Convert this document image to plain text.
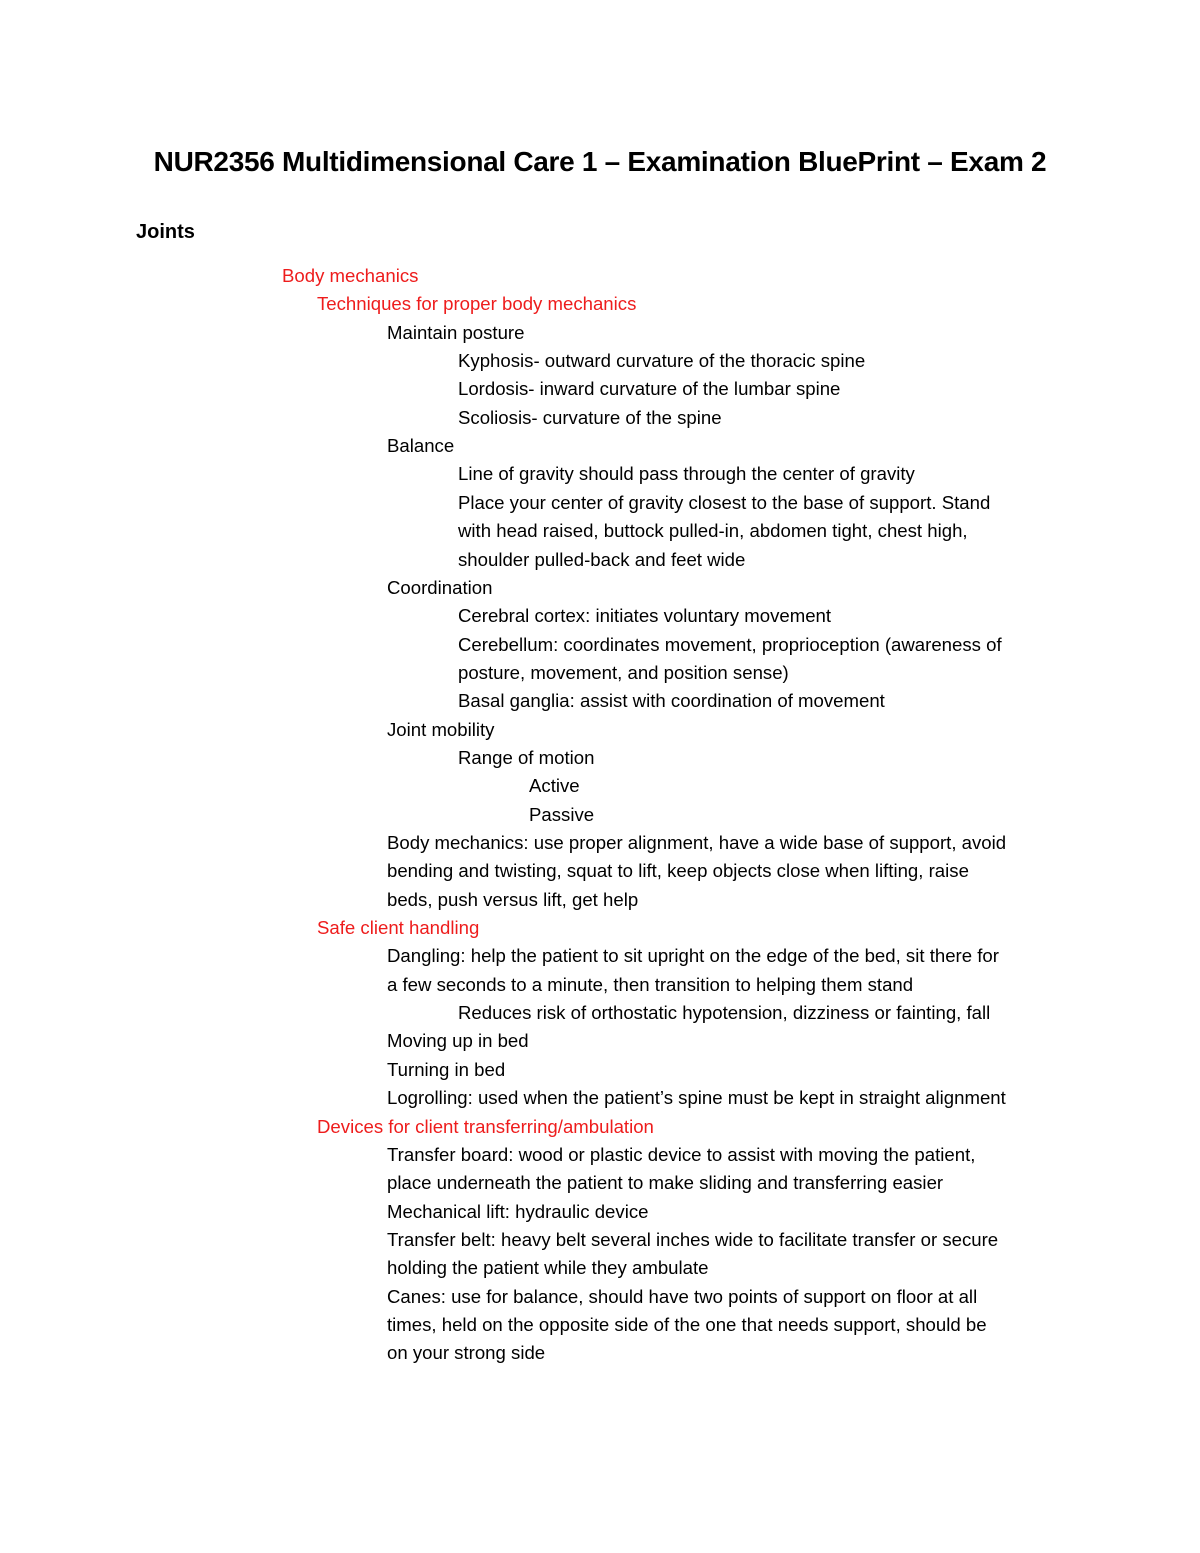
NUR2356 Multidimensional Care 1 – Examination BluePrint – Exam 2
Joints
Body mechanics
Techniques for proper body mechanics
Maintain posture
Kyphosis- outward curvature of the thoracic spine
Lordosis- inward curvature of the lumbar spine
Scoliosis- curvature of the spine
Balance
Line of gravity should pass through the center of gravity
Place your center of gravity closest to the base of support. Stand
with head raised, buttock pulled-in, abdomen tight, chest high,
shoulder pulled-back and feet wide
Coordination
Cerebral cortex: initiates voluntary movement
Cerebellum: coordinates movement, proprioception (awareness of
posture, movement, and position sense)
Basal ganglia: assist with coordination of movement
Joint mobility
Range of motion
Active
Passive
Body mechanics: use proper alignment, have a wide base of support, avoid
bending and twisting, squat to lift, keep objects close when lifting, raise
beds, push versus lift, get help
Safe client handling
Dangling: help the patient to sit upright on the edge of the bed, sit there for
a few seconds to a minute, then transition to helping them stand
Reduces risk of orthostatic hypotension, dizziness or fainting, fall
Moving up in bed
Turning in bed
Logrolling: used when the patient’s spine must be kept in straight alignment
Devices for client transferring/ambulation
Transfer board: wood or plastic device to assist with moving the patient,
place underneath the patient to make sliding and transferring easier
Mechanical lift: hydraulic device
Transfer belt: heavy belt several inches wide to facilitate transfer or secure
holding the patient while they ambulate
Canes: use for balance, should have two points of support on floor at all
times, held on the opposite side of the one that needs support, should be
on your strong side
